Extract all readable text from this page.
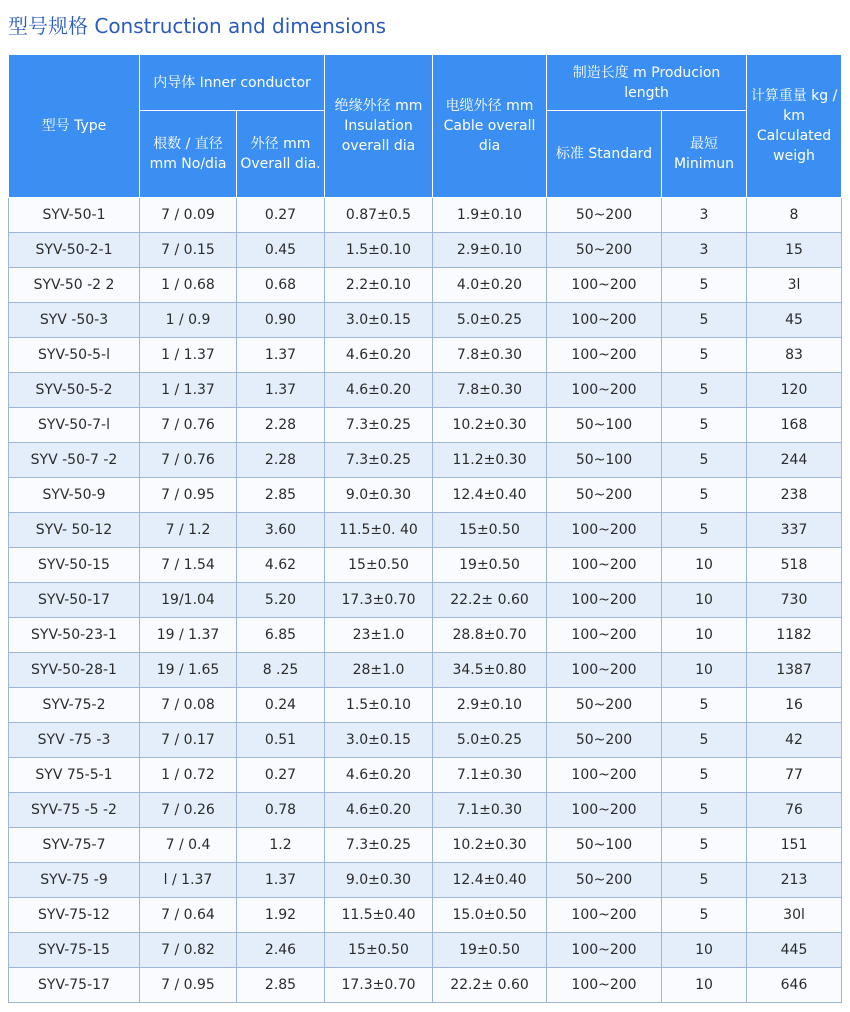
型号规格 Construction and dimensions
型号 Type	内导体 Inner conductor		绝缘外径 mm Insulation overall dia	电缆外径 mm Cable overall dia	制造长度 m Producion length		计算重量 kg / km Calculated weigh
	根数 / 直径 mm No/dia	外径 mm Overall dia.			标准 Standard	最短 Minimun	
SYV-50-1	7 / 0.09	0.27	0.87±0.5	1.9±0.10	50~200	3	8
SYV-50-2-1	7 / 0.15	0.45	1.5±0.10	2.9±0.10	50~200	3	15
SYV-50 -2 2	1 / 0.68	0.68	2.2±0.10	4.0±0.20	100~200	5	3l
SYV -50-3	1 / 0.9	0.90	3.0±0.15	5.0±0.25	100~200	5	45
SYV-50-5-l	1 / 1.37	1.37	4.6±0.20	7.8±0.30	100~200	5	83
SYV-50-5-2	1 / 1.37	1.37	4.6±0.20	7.8±0.30	100~200	5	120
SYV-50-7-l	7 / 0.76	2.28	7.3±0.25	10.2±0.30	50~100	5	168
SYV -50-7 -2	7 / 0.76	2.28	7.3±0.25	11.2±0.30	50~100	5	244
SYV-50-9	7 / 0.95	2.85	9.0±0.30	12.4±0.40	50~200	5	238
SYV- 50-12	7 / 1.2	3.60	11.5±0. 40	15±0.50	100~200	5	337
SYV-50-15	7 / 1.54	4.62	15±0.50	19±0.50	100~200	10	518
SYV-50-17	19/1.04	5.20	17.3±0.70	22.2± 0.60	100~200	10	730
SYV-50-23-1	19 / 1.37	6.85	23±1.0	28.8±0.70	100~200	10	1182
SYV-50-28-1	19 / 1.65	8 .25	28±1.0	34.5±0.80	100~200	10	1387
SYV-75-2	7 / 0.08	0.24	1.5±0.10	2.9±0.10	50~200	5	16
SYV -75 -3	7 / 0.17	0.51	3.0±0.15	5.0±0.25	50~200	5	42
SYV 75-5-1	1 / 0.72	0.27	4.6±0.20	7.1±0.30	100~200	5	77
SYV-75 -5 -2	7 / 0.26	0.78	4.6±0.20	7.1±0.30	100~200	5	76
SYV-75-7	7 / 0.4	1.2	7.3±0.25	10.2±0.30	50~100	5	151
SYV-75 -9	l / 1.37	1.37	9.0±0.30	12.4±0.40	50~200	5	213
SYV-75-12	7 / 0.64	1.92	11.5±0.40	15.0±0.50	100~200	5	30l
SYV-75-15	7 / 0.82	2.46	15±0.50	19±0.50	100~200	10	445
SYV-75-17	7 / 0.95	2.85	17.3±0.70	22.2± 0.60	100~200	10	646
